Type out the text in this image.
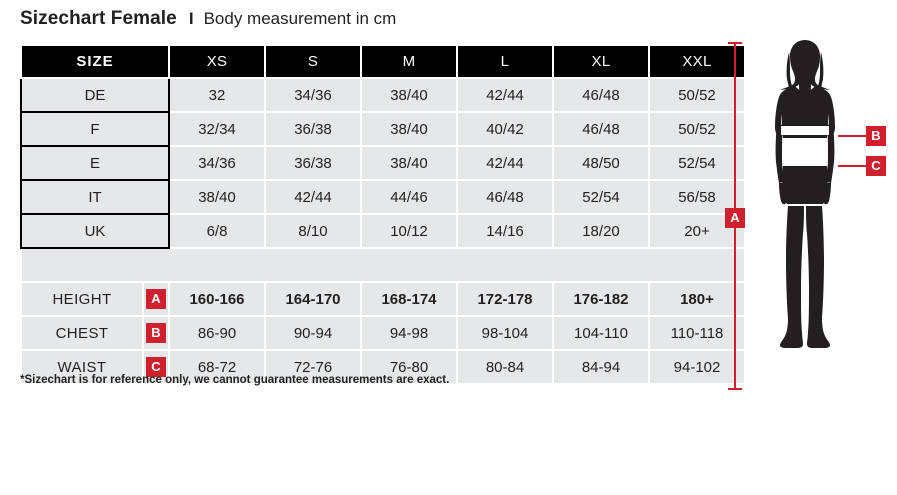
Sizechart Female I Body measurement in cm
SIZE		XS	S	M	L	XL	XXL
DE		32	34/36	38/40	42/44	46/48	50/52
F		32/34	36/38	38/40	40/42	46/48	50/52
E		34/36	36/38	38/40	42/44	48/50	52/54
IT		38/40	42/44	44/46	46/48	52/54	56/58
UK		6/8	8/10	10/12	14/16	18/20	20+

HEIGHT	A	160-166	164-170	168-174	172-178	176-182	180+
CHEST	B	86-90	90-94	94-98	98-104	104-110	110-118
WAIST	C	68-72	72-76	76-80	80-84	84-94	94-102
*Sizechart is for reference only, we cannot guarantee measurements are exact.
A
B
C
